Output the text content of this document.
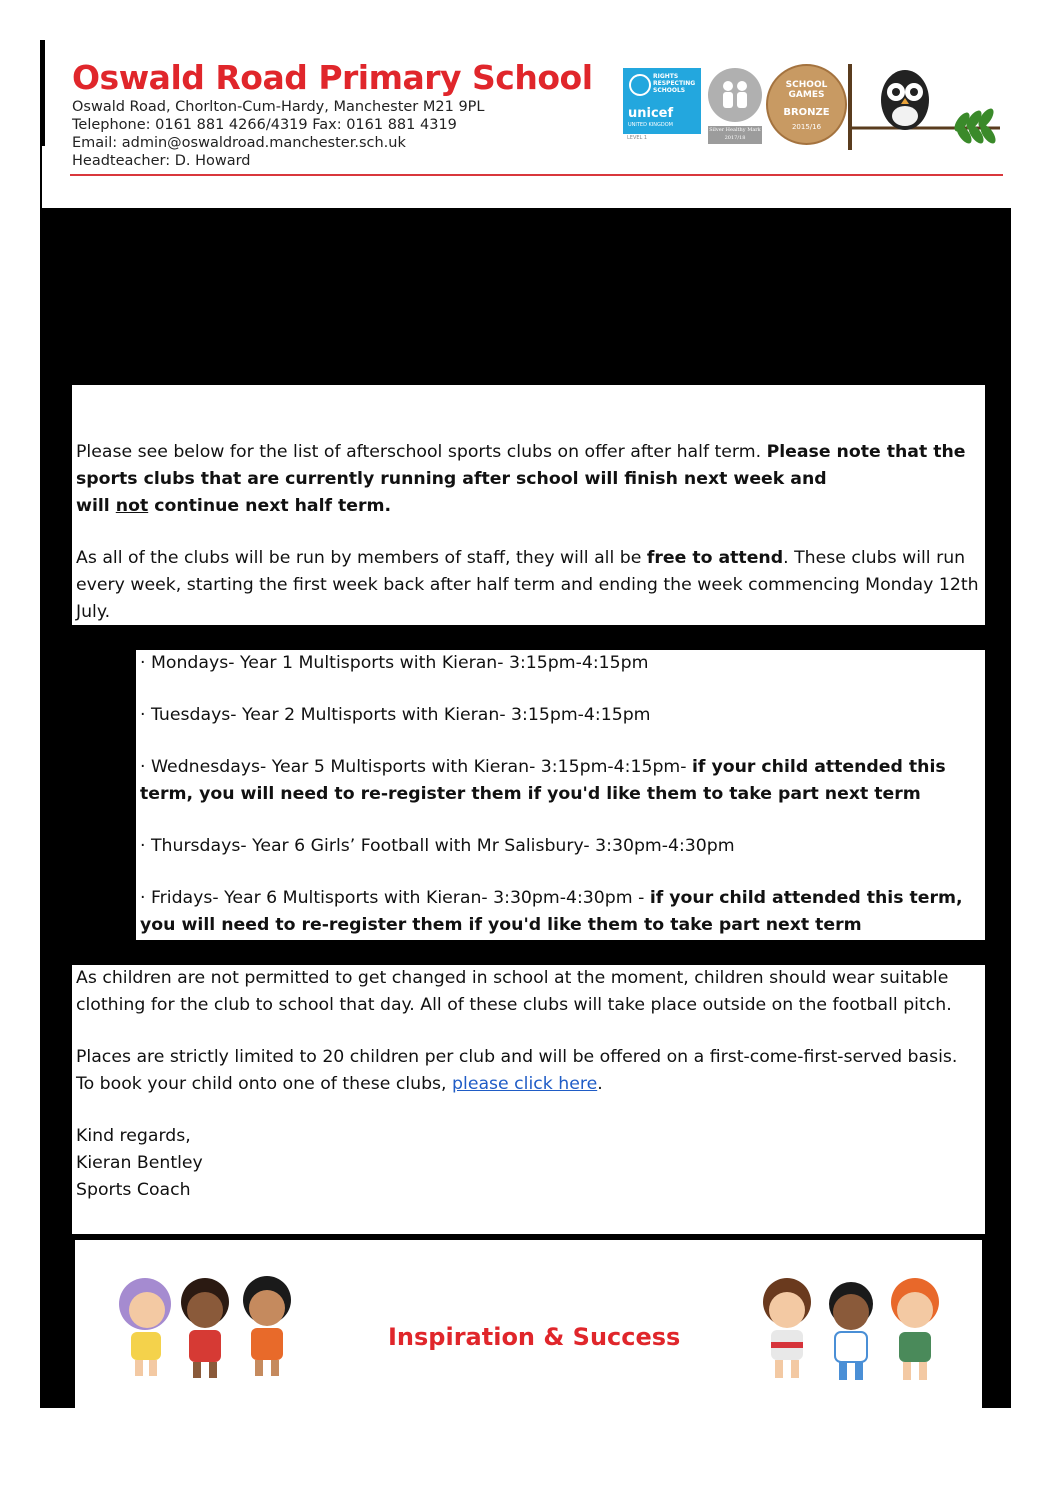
Oswald Road Primary School
Oswald Road, Chorlton-Cum-Hardy, Manchester M21 9PL
Telephone: 0161 881 4266/4319 Fax: 0161 881 4319
Email: admin@oswaldroad.manchester.sch.uk
Headteacher: D. Howard
RIGHTS RESPECTING SCHOOLS
unicef
UNITED KINGDOM
LEVEL 1
Silver Healthy Mark 2017/18
SCHOOL GAMES
BRONZE
2015/16

Please see below for the list of afterschool sports clubs on offer after half term. Please note that the sports clubs that are currently running after school will finish next week and
will not continue next half term.

As all of the clubs will be run by members of staff, they will all be free to attend. These clubs will run every week, starting the first week back after half term and ending the week commencing Monday 12th July.

· Mondays- Year 1 Multisports with Kieran- 3:15pm-4:15pm

· Tuesdays- Year 2 Multisports with Kieran- 3:15pm-4:15pm

· Wednesdays- Year 5 Multisports with Kieran- 3:15pm-4:15pm- if your child attended this term, you will need to re-register them if you'd like them to take part next term

· Thursdays- Year 6 Girls’ Football with Mr Salisbury- 3:30pm-4:30pm

· Fridays- Year 6 Multisports with Kieran- 3:30pm-4:30pm - if your child attended this term, you will need to re-register them if you'd like them to take part next term

As children are not permitted to get changed in school at the moment, children should wear suitable clothing for the club to school that day. All of these clubs will take place outside on the football pitch.

Places are strictly limited to 20 children per club and will be offered on a first-come-first-served basis. To book your child onto one of these clubs, please click here.

Kind regards,
Kieran Bentley
Sports Coach

Inspiration & Success
